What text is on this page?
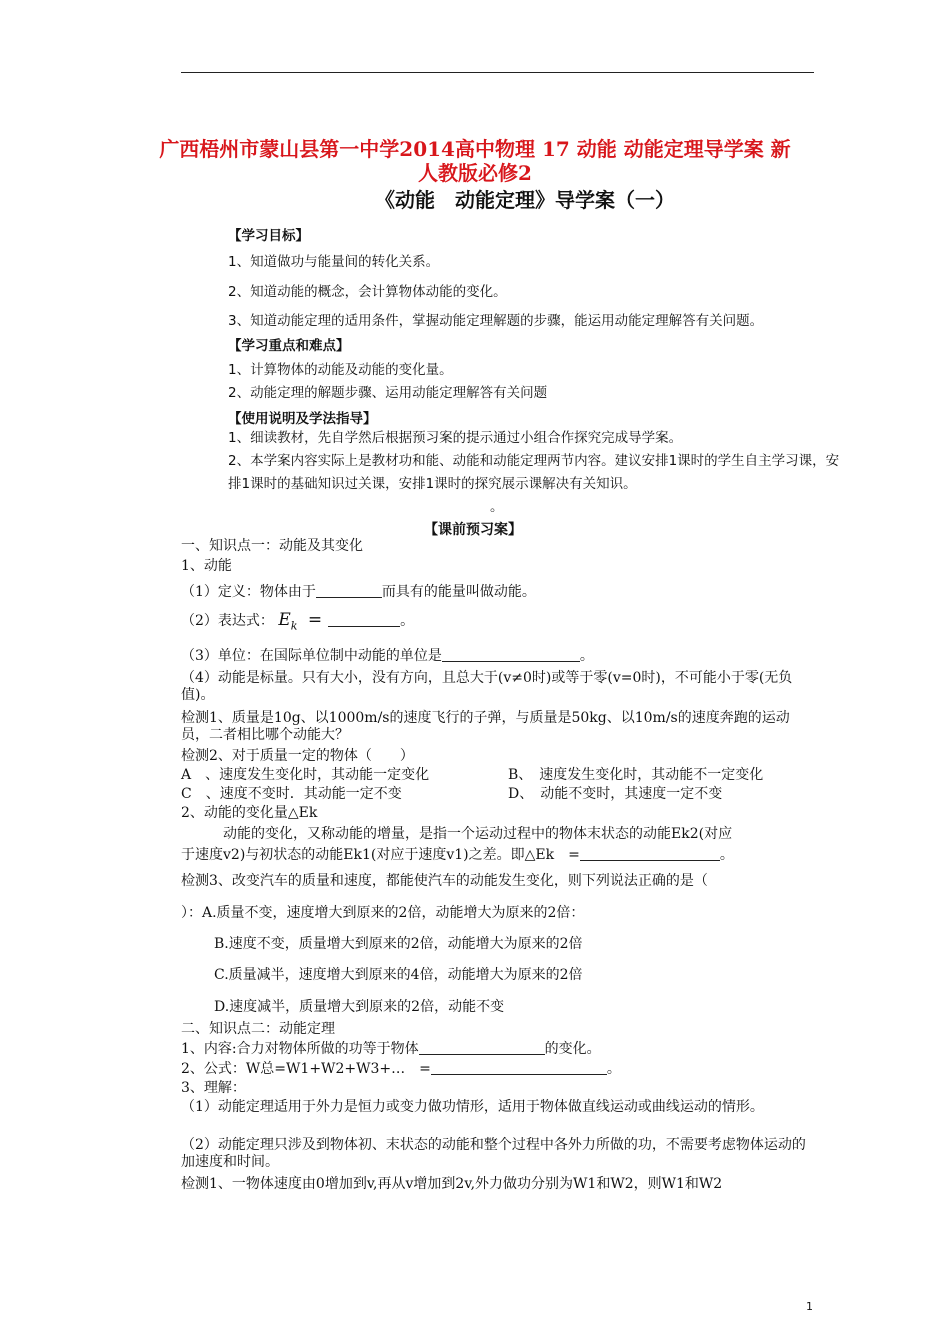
广西梧州市蒙山县第一中学2014高中物理 17 动能 动能定理导学案 新人教版必修2
《动能　动能定理》导学案（一）
【学习目标】
1、知道做功与能量间的转化关系。
2、知道动能的概念，会计算物体动能的变化。
3、知道动能定理的适用条件，掌握动能定理解题的步骤，能运用动能定理解答有关问题。
【学习重点和难点】
1、计算物体的动能及动能的变化量。
2、动能定理的解题步骤、运用动能定理解答有关问题
【使用说明及学法指导】
1、细读教材，先自学然后根据预习案的提示通过小组合作探究完成导学案。
2、本学案内容实际上是教材功和能、动能和动能定理两节内容。建议安排1课时的学生自主学习课，安
排1课时的基础知识过关课，安排1课时的探究展示课解决有关知识。
。
【课前预习案】
一、知识点一：动能及其变化
1、动能
（1）定义：物体由于	而具有的能量叫做动能。
（2）表达式： $E_k$ =	。
（3）单位：在国际单位制中动能的单位是	。
（4）动能是标量。只有大小，没有方向，且总大于(v≠0时)或等于零(v=0时)，不可能小于零(无负值)。
检测1、质量是10g、以1000m/s的速度飞行的子弹，与质量是50kg、以10m/s的速度奔跑的运动员，二者相比哪个动能大？
检测2、对于质量一定的物体（　　）
A　、速度发生变化时，其动能一定变化	B、　速度发生变化时，其动能不一定变化
C　、速度不变时．其动能一定不变	D、　动能不变时，其速度一定不变
2、动能的变化量△Ek
动能的变化，又称动能的增量，是指一个运动过程中的物体末状态的动能Ek2(对应
于速度v2)与初状态的动能Ek1(对应于速度v1)之差。即△Ek　=	。
检测3、改变汽车的质量和速度，都能使汽车的动能发生变化，则下列说法正确的是（
）：A.质量不变，速度增大到原来的2倍，动能增大为原来的2倍：
B.速度不变，质量增大到原来的2倍，动能增大为原来的2倍
C.质量减半，速度增大到原来的4倍，动能增大为原来的2倍
D.速度减半，质量增大到原来的2倍，动能不变
二、知识点二：动能定理
1、内容:合力对物体所做的功等于物体	的变化。
2、公式：W总=W1+W2+W3+…　=	。
3、理解：
（1）动能定理适用于外力是恒力或变力做功情形，适用于物体做直线运动或曲线运动的情形。
（2）动能定理只涉及到物体初、末状态的动能和整个过程中各外力所做的功，不需要考虑物体运动的加速度和时间。
检测1、一物体速度由0增加到v,再从v增加到2v,外力做功分别为W1和W2，则W1和W2
1
